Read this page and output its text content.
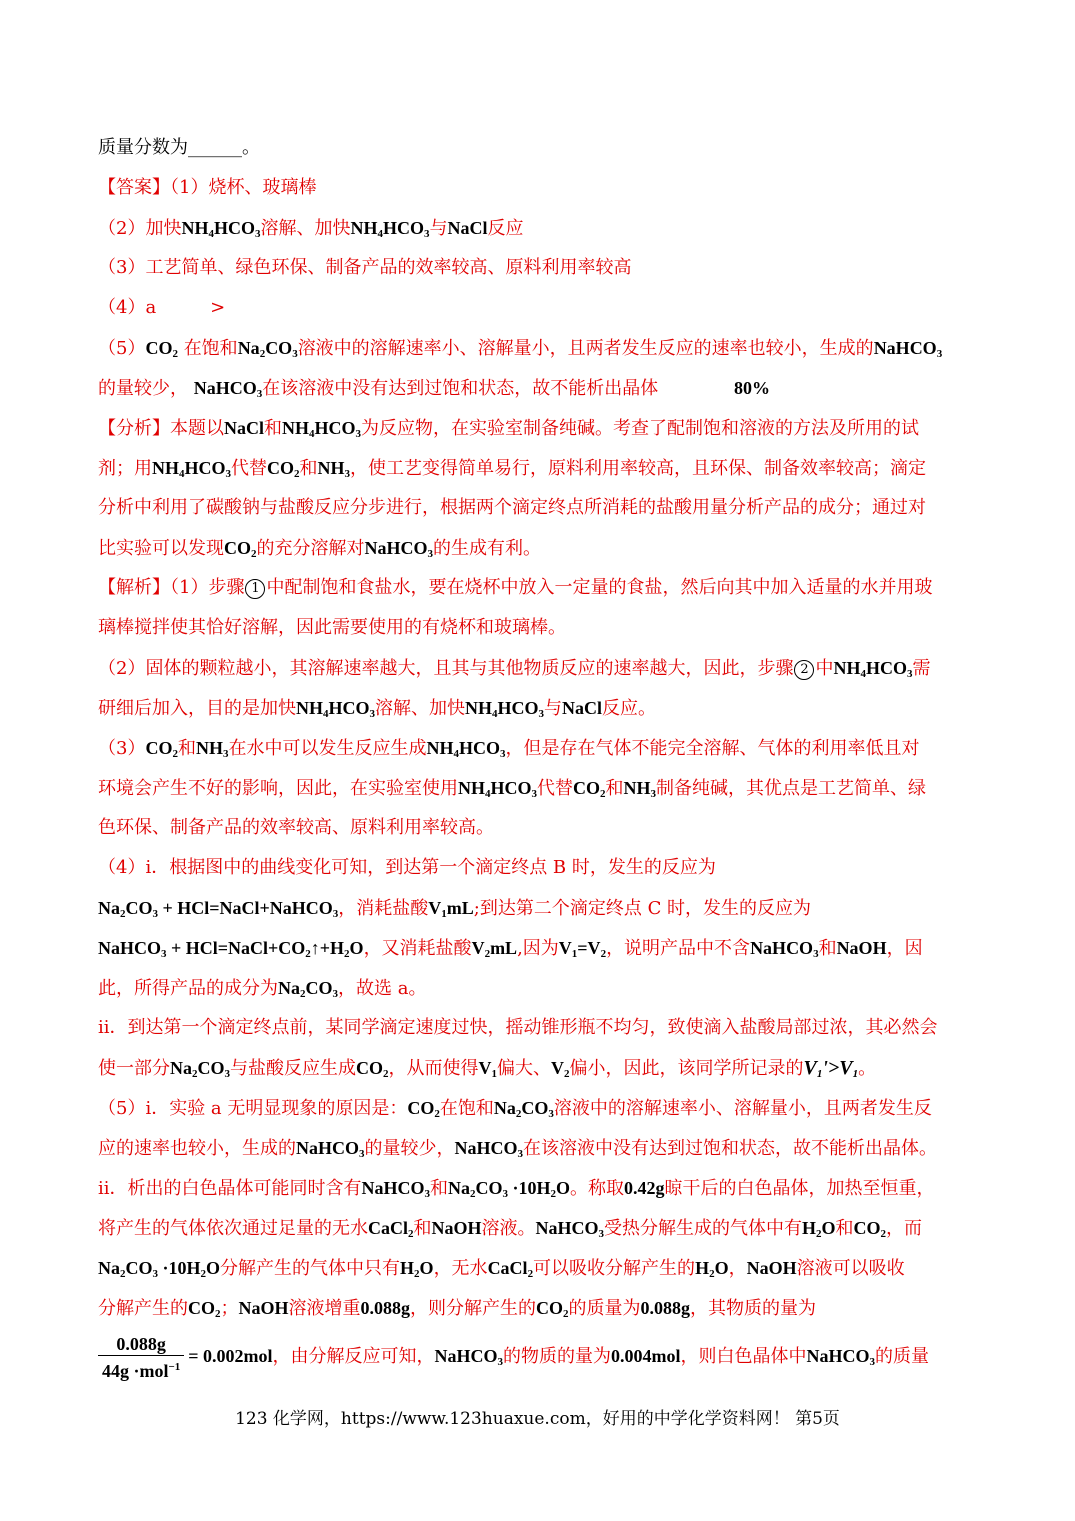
质量分数为______。
【答案】（1）烧杯、玻璃棒
（2）加快$NH_4HCO_3$溶解、加快$NH_4HCO_3$与NaCl反应
（3）工艺简单、绿色环保、制备产品的效率较高、原料利用率较高
（4）a　　　>
$(5)CO_2$ 在饱和$Na_2CO_3$溶液中的溶解速率小、溶解量小，且两者发生反应的速率也较小，生成的NaHCO$_3$
的量较少， NaHCO$_3$在该溶液中没有达到过饱和状态，故不能析出晶体	80%
【分析】本题以NaCl和$NH_4HCO_3$为反应物，在实验室制备纯碱。考查了配制饱和溶液的方法及所用的试
剂；用$NH_4HCO_3$代替$CO_2$和$NH_3$，使工艺变得简单易行，原料利用率较高，且环保、制备效率较高；滴定
分析中利用了碳酸钠与盐酸反应分步进行，根据两个滴定终点所消耗的盐酸用量分析产品的成分；通过对
比实验可以发现$CO_2$的充分溶解对NaHCO$_3$的生成有利。
【解析】（1）步骤 1 中配制饱和食盐水，要在烧杯中放入一定量的食盐，然后向其中加入适量的水并用玻
璃棒搅拌使其恰好溶解，因此需要使用的有烧杯和玻璃棒。
（2）固体的颗粒越小，其溶解速率越大，且其与其他物质反应的速率越大，因此，步骤 2 中$NH_4HCO_3$需
研细后加入，目的是加快$NH_4HCO_3$溶解、加快$NH_4HCO_3$与NaCl反应。
$(3)CO_2$和$NH_3$在水中可以发生反应生成$NH_4HCO_3$，但是存在气体不能完全溶解、气体的利用率低且对
环境会产生不好的影响，因此，在实验室使用$NH_4HCO_3$代替$CO_2$和$NH_3$制备纯碱，其优点是工艺简单、绿
色环保、制备产品的效率较高、原料利用率较高。
（4）i．根据图中的曲线变化可知，到达第一个滴定终点 B 时，发生的反应为
$Na_2CO_3$ + HCl=NaCl+NaHCO$_3$，消耗盐酸$V_1mL$;到达第二个滴定终点 C 时，发生的反应为
NaHCO$_3$ + $HCl=NaCl+CO_2↑+H_2O$，又消耗盐酸$V_2mL$,因为$V_1=V_2$，说明产品中不含NaHCO$_3$和NaOH，因
此，所得产品的成分为$Na_2CO_3$，故选 a。
ii．到达第一个滴定终点前，某同学滴定速度过快，摇动锥形瓶不均匀，致使滴入盐酸局部过浓，其必然会
使一部分$Na_2CO_3$与盐酸反应生成$CO_2$，从而使得$V_1$偏大、$V_2$偏小，因此，该同学所记录的$V_1'>V_1$。
（5）i．实验 a 无明显现象的原因是：$CO_2$在饱和$Na_2CO_3$溶液中的溶解速率小、溶解量小，且两者发生反
应的速率也较小，生成的NaHCO$_3$的量较少，NaHCO$_3$在该溶液中没有达到过饱和状态，故不能析出晶体。
ii．析出的白色晶体可能同时含有NaHCO$_3$和$Na_2CO_3 \cdot 10H_2O$。称取0.42g晾干后的白色晶体，加热至恒重，
将产生的气体依次通过足量的无水CaCl$_2$和NaOH溶液。NaHCO$_3$受热分解生成的气体中有$H_2O$和$CO_2$，而
$Na_2CO_3 \cdot 10H_2O$分解产生的气体中只有$H_2O$，无水CaCl$_2$可以吸收分解产生的$H_2O$，NaOH溶液可以吸收
分解产生的$CO_2$；NaOH溶液增重0.088g，则分解产生的$CO_2$的质量为0.088g，其物质的量为
$\frac{0.088g}{44g \cdot mol^{-1}} = 0.002mol$，由分解反应可知，NaHCO$_3$的物质的量为0.004mol，则白色晶体中NaHCO$_3$的质量
123 化学网，https://www.123huaxue.com，好用的中学化学资料网！ 第5页
